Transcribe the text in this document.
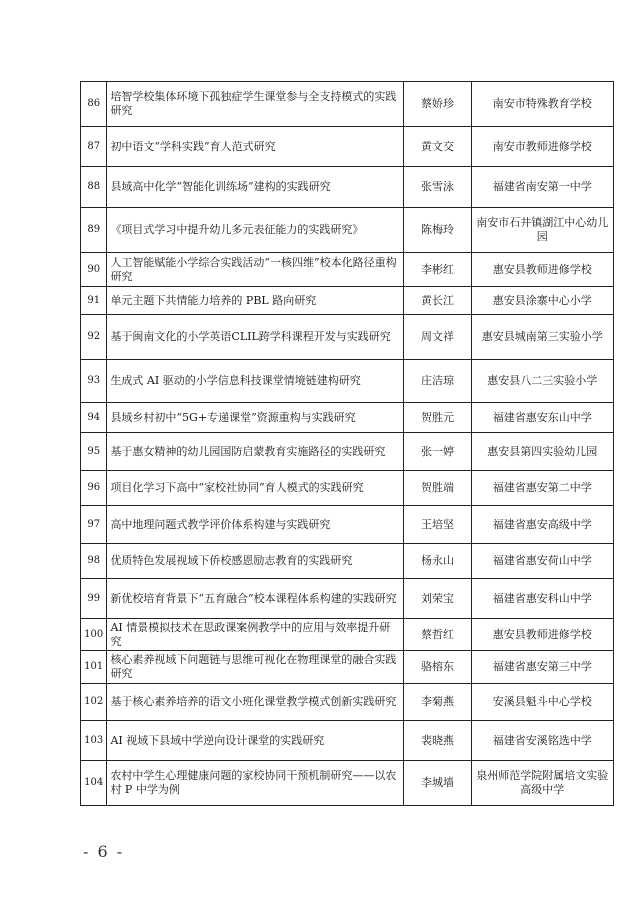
86	培智学校集体环境下孤独症学生课堂参与全支持模式的实践研究	蔡娇珍	南安市特殊教育学校
87	初中语文“学科实践”育人范式研究	黄文交	南安市教师进修学校
88	县域高中化学“智能化训练场”建构的实践研究	张雪泳	福建省南安第一中学
89	《项目式学习中提升幼儿多元表征能力的实践研究》	陈梅玲	南安市石井镇湖江中心幼儿园
90	人工智能赋能小学综合实践活动“一核四维”校本化路径重构研究	李彬红	惠安县教师进修学校
91	单元主题下共情能力培养的 PBL 路向研究	黄长江	惠安县涂寨中心小学
92	基于闽南文化的小学英语CLIL跨学科课程开发与实践研究	周文祥	惠安县城南第三实验小学
93	生成式 AI 驱动的小学信息科技课堂情境链建构研究	庄洁琼	惠安县八二三实验小学
94	县域乡村初中“5G+专递课堂”资源重构与实践研究	贺胜元	福建省惠安东山中学
95	基于惠女精神的幼儿园国防启蒙教育实施路径的实践研究	张一婷	惠安县第四实验幼儿园
96	项目化学习下高中“家校社协同”育人模式的实践研究	贺胜端	福建省惠安第二中学
97	高中地理问题式教学评价体系构建与实践研究	王培坚	福建省惠安高级中学
98	优质特色发展视域下侨校感恩励志教育的实践研究	杨永山	福建省惠安荷山中学
99	新优校培育背景下“五育融合”校本课程体系构建的实践研究	刘荣宝	福建省惠安科山中学
100	AI 情景模拟技术在思政课案例教学中的应用与效率提升研究	蔡哲红	惠安县教师进修学校
101	核心素养视域下问题链与思维可视化在物理课堂的融合实践研究	骆榕东	福建省惠安第三中学
102	基于核心素养培养的语文小班化课堂教学模式创新实践研究	李菊燕	安溪县魁斗中心学校
103	AI 视域下县域中学逆向设计课堂的实践研究	裴晓燕	福建省安溪铭选中学
104	农村中学生心理健康问题的家校协同干预机制研究——以农村 P 中学为例	李城墙	泉州师范学院附属培文实验高级中学
- 6 -
